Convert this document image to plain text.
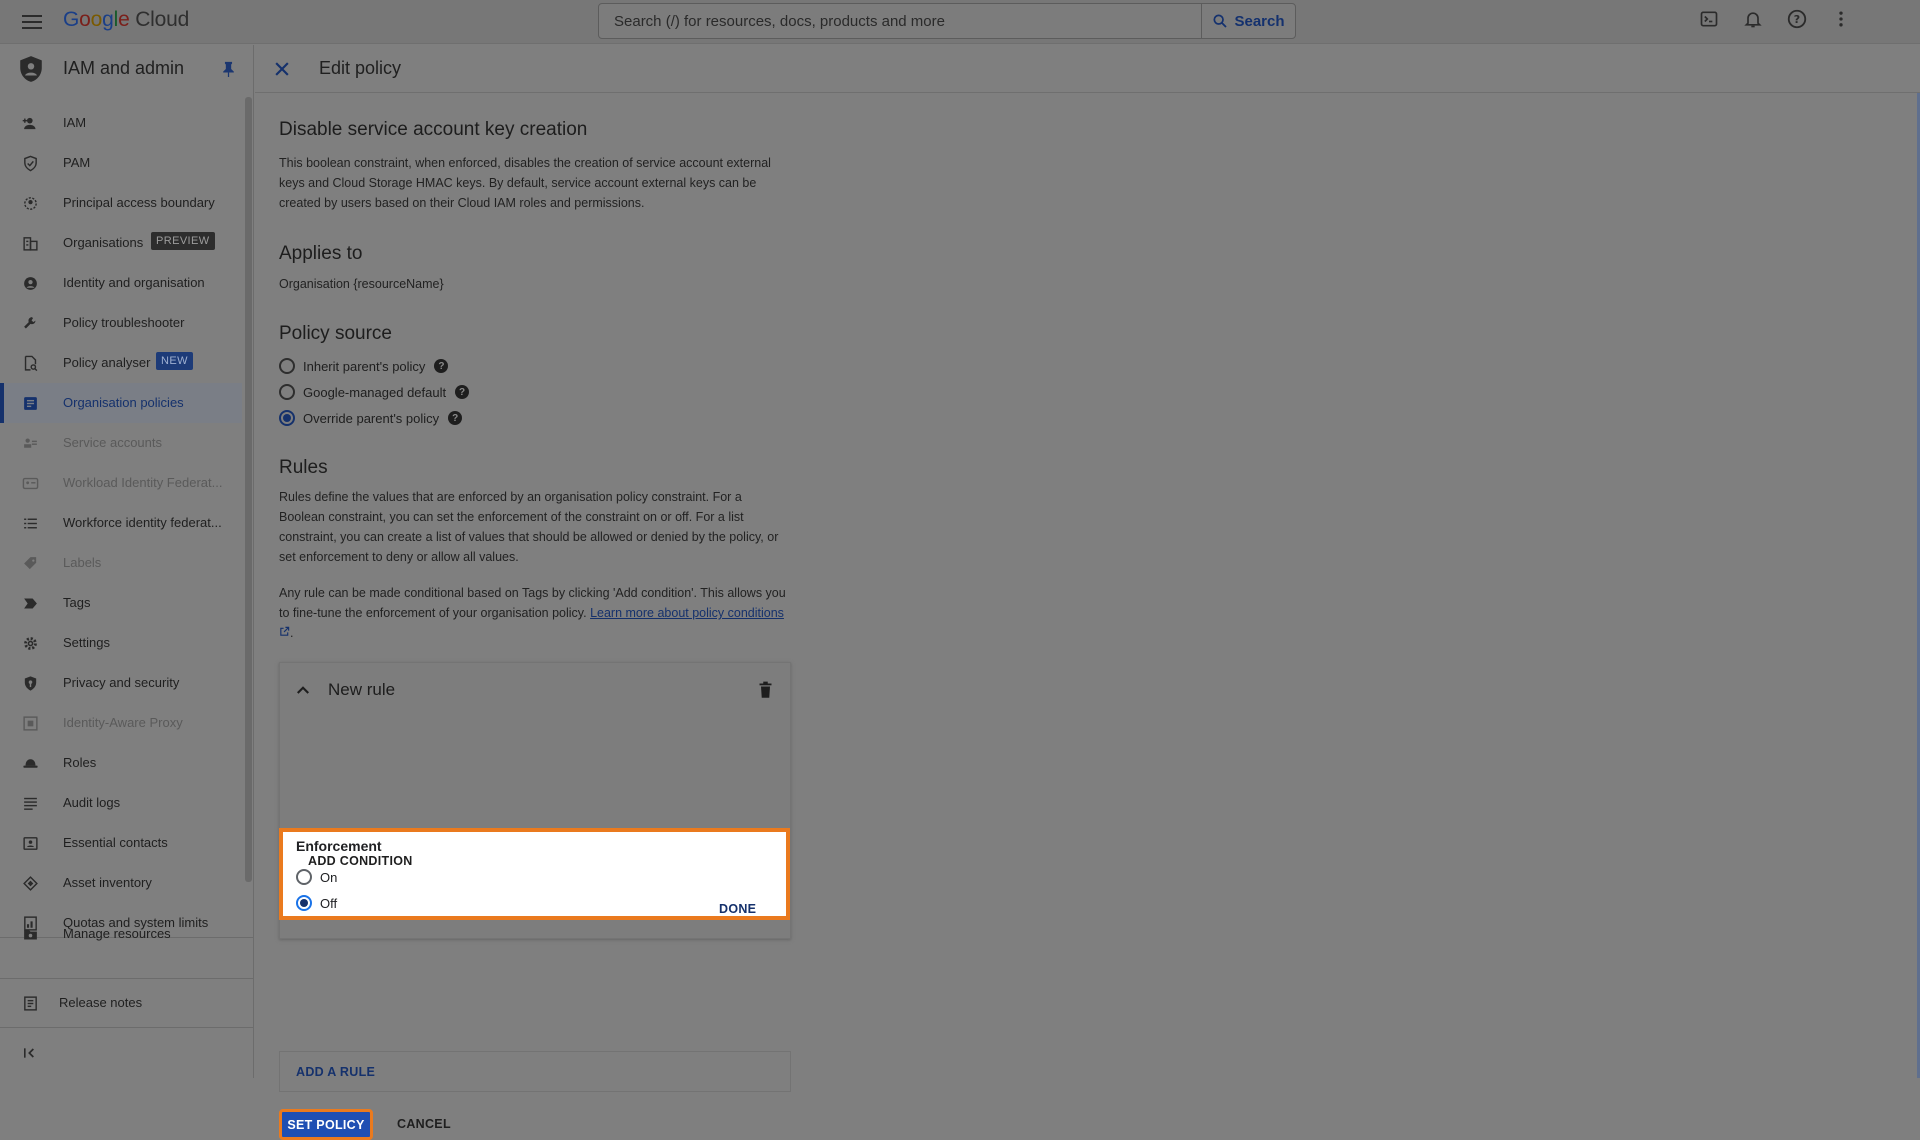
Google Cloud
Search (/) for resources, docs, products and more	Search	?
IAM and admin
IAM
PAM
Principal access boundary
Organisations	PREVIEW
Identity and organisation
Policy troubleshooter
Policy analyser NEW
Organisation policies
Service accounts
Workload Identity Federat...
Workforce identity federat...
Labels
Tags
Settings
Privacy and security
Identity-Aware Proxy
Roles
Audit logs
Essential contacts
Asset inventory
Quotas and system limits
Manage resources
Release notes
Edit policy
Disable service account key creation
This boolean constraint, when enforced, disables the creation of service account external keys and Cloud Storage HMAC keys. By default, service account external keys can be created by users based on their Cloud IAM roles and permissions.
Applies to
Organisation {resourceName}
Policy source
Inherit parent's policy	?
Google-managed default	?
Override parent's policy	?
Rules
Rules define the values that are enforced by an organisation policy constraint. For a Boolean constraint, you can set the enforcement of the constraint on or off. For a list constraint, you can create a list of values that should be allowed or denied by the policy, or set enforcement to deny or allow all values.
Any rule can be made conditional based on Tags by clicking 'Add condition'. This allows you to fine-tune the enforcement of your organisation policy. Learn more about policy conditions .
New rule
Enforcement
On
Off
ADD CONDITION
DONE
ADD A RULE
SET POLICY	CANCEL
